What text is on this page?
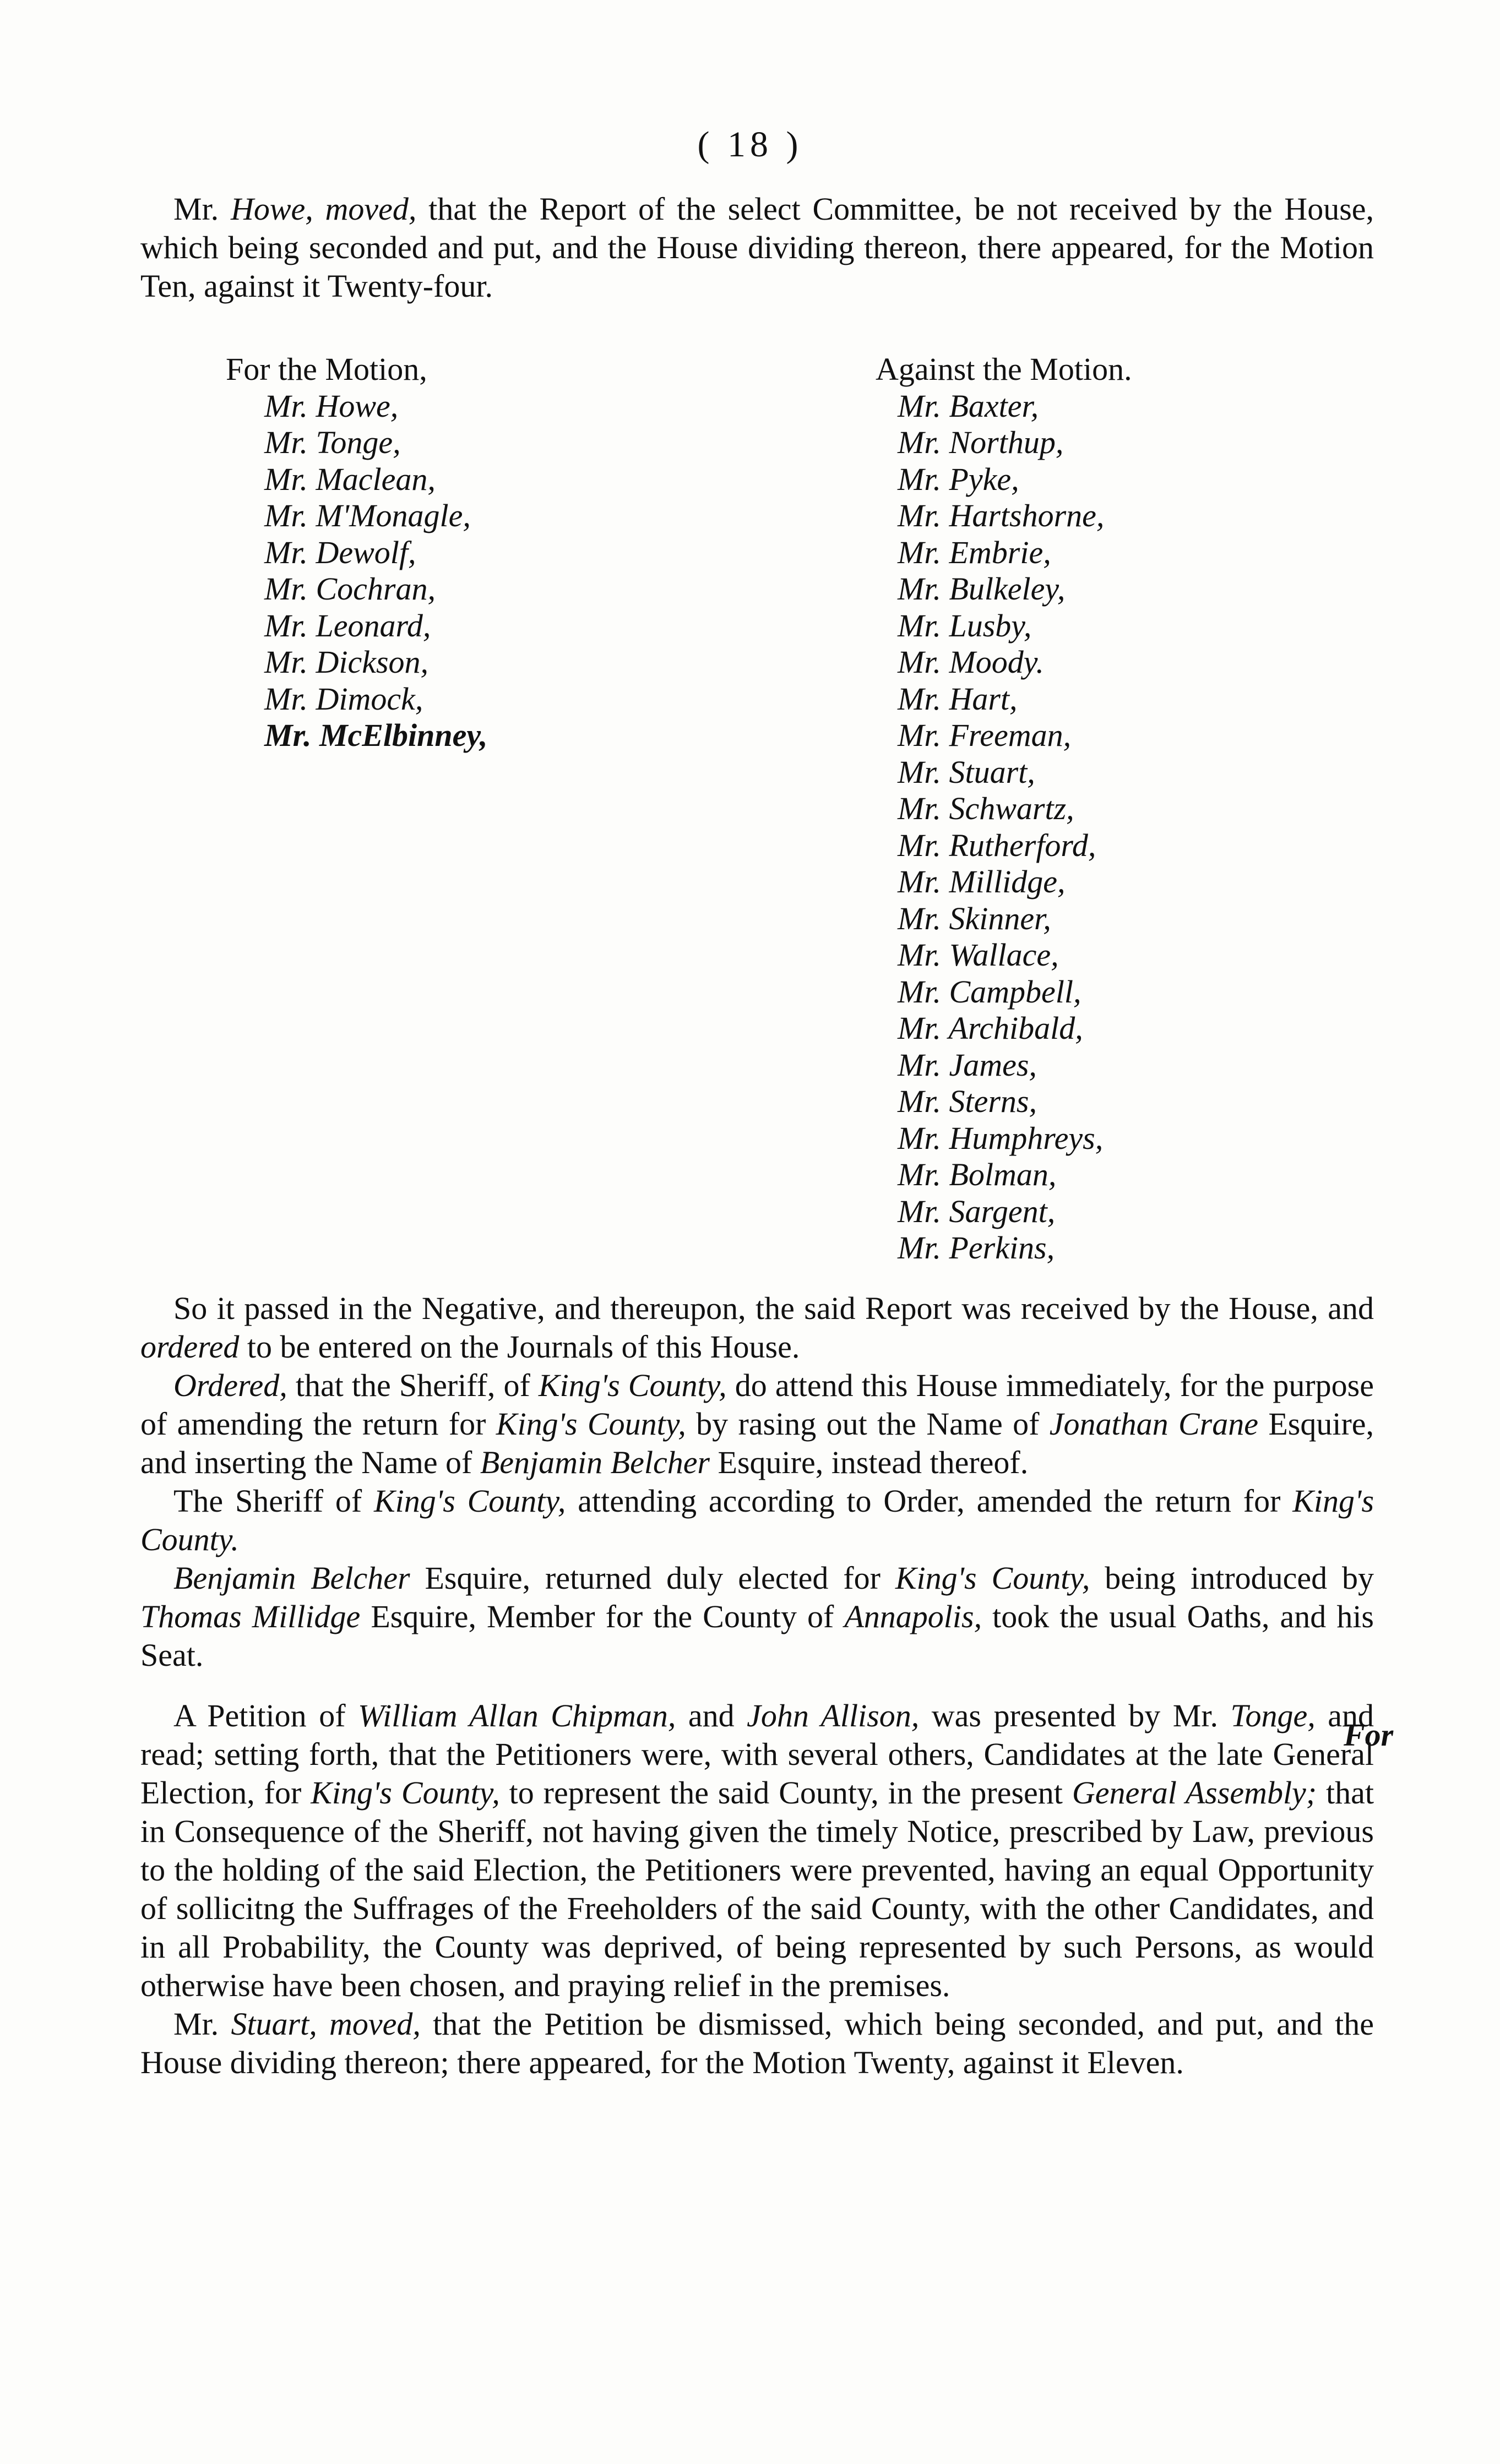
( 18 )

Mr. Howe, moved, that the Report of the select Committee, be not received by the House, which being seconded and put, and the House dividing thereon, there appeared, for the Motion Ten, against it Twenty-four.

For the Motion,
Mr. Howe,
Mr. Tonge,
Mr. Maclean,
Mr. M'Monagle,
Mr. Dewolf,
Mr. Cochran,
Mr. Leonard,
Mr. Dickson,
Mr. Dimock,
Mr. McElbinney,
Against the Motion.
Mr. Baxter,
Mr. Northup,
Mr. Pyke,
Mr. Hartshorne,
Mr. Embrie,
Mr. Bulkeley,
Mr. Lusby,
Mr. Moody.
Mr. Hart,
Mr. Freeman,
Mr. Stuart,
Mr. Schwartz,
Mr. Rutherford,
Mr. Millidge,
Mr. Skinner,
Mr. Wallace,
Mr. Campbell,
Mr. Archibald,
Mr. James,
Mr. Sterns,
Mr. Humphreys,
Mr. Bolman,
Mr. Sargent,
Mr. Perkins,

So it passed in the Negative, and thereupon, the said Report was received by the House, and ordered to be entered on the Journals of this House.

Ordered, that the Sheriff, of King's County, do attend this House immediately, for the purpose of amending the return for King's County, by rasing out the Name of Jonathan Crane Esquire, and inserting the Name of Benjamin Belcher Esquire, instead thereof.

The Sheriff of King's County, attending according to Order, amended the return for King's County.

Benjamin Belcher Esquire, returned duly elected for King's County, being introduced by Thomas Millidge Esquire, Member for the County of Annapolis, took the usual Oaths, and his Seat.

A Petition of William Allan Chipman, and John Allison, was presented by Mr. Tonge, and read; setting forth, that the Petitioners were, with several others, Candidates at the late General Election, for King's County, to represent the said County, in the present General Assembly; that in Consequence of the Sheriff, not having given the timely Notice, prescribed by Law, previous to the holding of the said Election, the Petitioners were prevented, having an equal Opportunity of sollicitng the Suffrages of the Freeholders of the said County, with the other Candidates, and in all Probability, the County was deprived, of being represented by such Persons, as would otherwise have been chosen, and praying relief in the premises.

Mr. Stuart, moved, that the Petition be dismissed, which being seconded, and put, and the House dividing thereon; there appeared, for the Motion Twenty, against it Eleven.

For
